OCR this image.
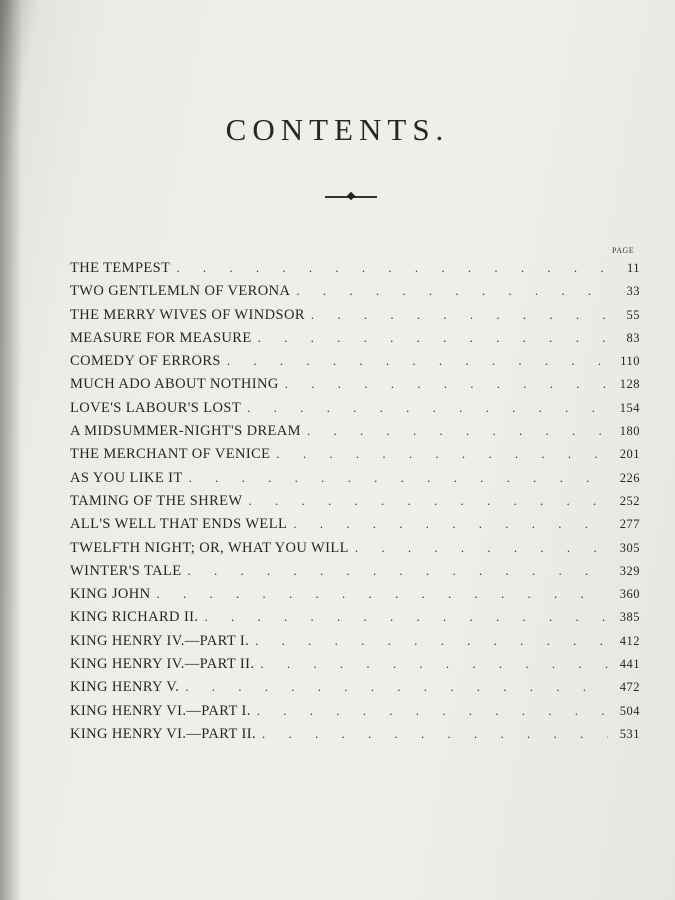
CONTENTS.
PAGE
THE TEMPEST . . .	11
TWO GENTLEMLN OF VERONA . . .	33
THE MERRY WIVES OF WINDSOR . . .	55
MEASURE FOR MEASURE . . .	83
COMEDY OF ERRORS . . .	110
MUCH ADO ABOUT NOTHING . . .	128
LOVE'S LABOUR'S LOST . . .	154
A MIDSUMMER-NIGHT'S DREAM . . .	180
THE MERCHANT OF VENICE . . .	201
AS YOU LIKE IT . . .	226
TAMING OF THE SHREW . . .	252
ALL'S WELL THAT ENDS WELL . . .	277
TWELFTH NIGHT; OR, WHAT YOU WILL . . .	305
WINTER'S TALE . . .	329
KING JOHN . . .	360
KING RICHARD II. . . .	385
KING HENRY IV.—PART I. . . .	412
KING HENRY IV.—PART II. . . .	441
KING HENRY V. . . .	472
KING HENRY VI.—PART I. . . .	504
KING HENRY VI.—PART II. . . .	531
